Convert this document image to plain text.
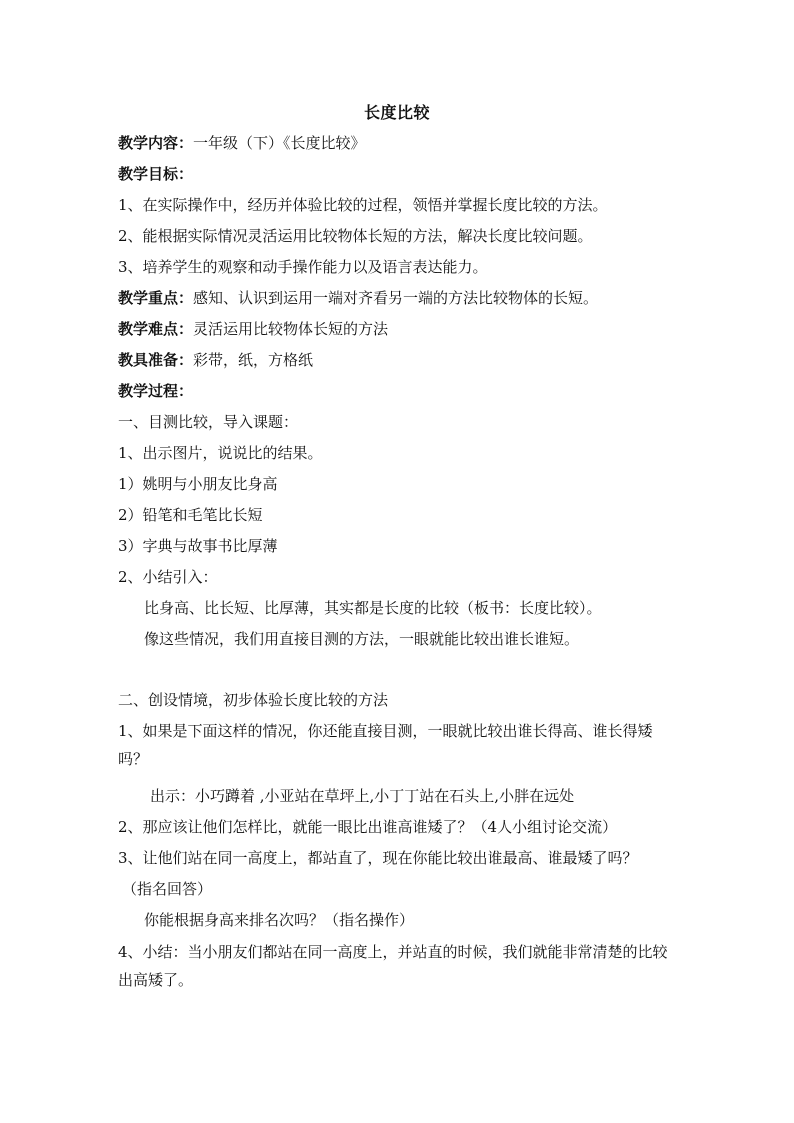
长度比较
教学内容：一年级（下）《长度比较》
教学目标：
1、在实际操作中，经历并体验比较的过程，领悟并掌握长度比较的方法。
2、能根据实际情况灵活运用比较物体长短的方法，解决长度比较问题。
3、培养学生的观察和动手操作能力以及语言表达能力。
教学重点：感知、认识到运用一端对齐看另一端的方法比较物体的长短。
教学难点：灵活运用比较物体长短的方法
教具准备：彩带，纸，方格纸
教学过程：
一、目测比较，导入课题：
1、出示图片，说说比的结果。
1）姚明与小朋友比身高
2）铅笔和毛笔比长短
3）字典与故事书比厚薄
2、小结引入：
比身高、比长短、比厚薄，其实都是长度的比较（板书：长度比较）。
像这些情况，我们用直接目测的方法，一眼就能比较出谁长谁短。
二、创设情境，初步体验长度比较的方法
1、如果是下面这样的情况，你还能直接目测，一眼就比较出谁长得高、谁长得矮吗？
出示：小巧蹲着 ,小亚站在草坪上,小丁丁站在石头上,小胖在远处
2、那应该让他们怎样比，就能一眼比出谁高谁矮了？（4人小组讨论交流）
3、让他们站在同一高度上，都站直了，现在你能比较出谁最高、谁最矮了吗？
（指名回答）
你能根据身高来排名次吗？（指名操作）
4、小结：当小朋友们都站在同一高度上，并站直的时候，我们就能非常清楚的比较出高矮了。
